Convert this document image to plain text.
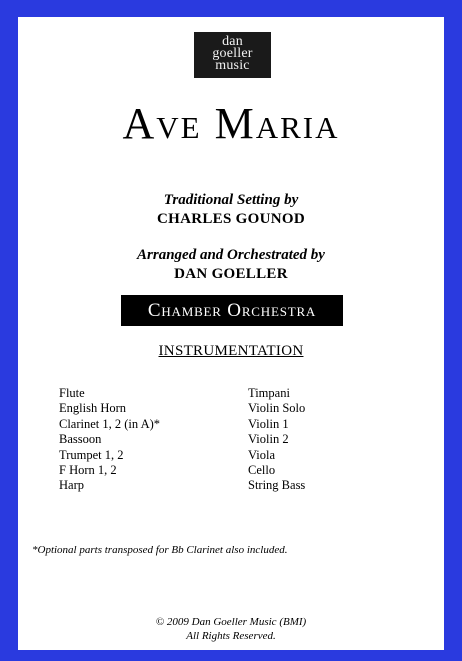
dan
goeller
music
Ave Maria
Traditional Setting by
CHARLES GOUNOD
Arranged and Orchestrated by
DAN GOELLER
Chamber Orchestra
INSTRUMENTATION
Flute
English Horn
Clarinet 1, 2 (in A)*
Bassoon
Trumpet 1, 2
F Horn 1, 2
Harp
Timpani
Violin Solo
Violin 1
Violin 2
Viola
Cello
String Bass
*Optional parts transposed for Bb Clarinet also included.
© 2009 Dan Goeller Music (BMI)
All Rights Reserved.
